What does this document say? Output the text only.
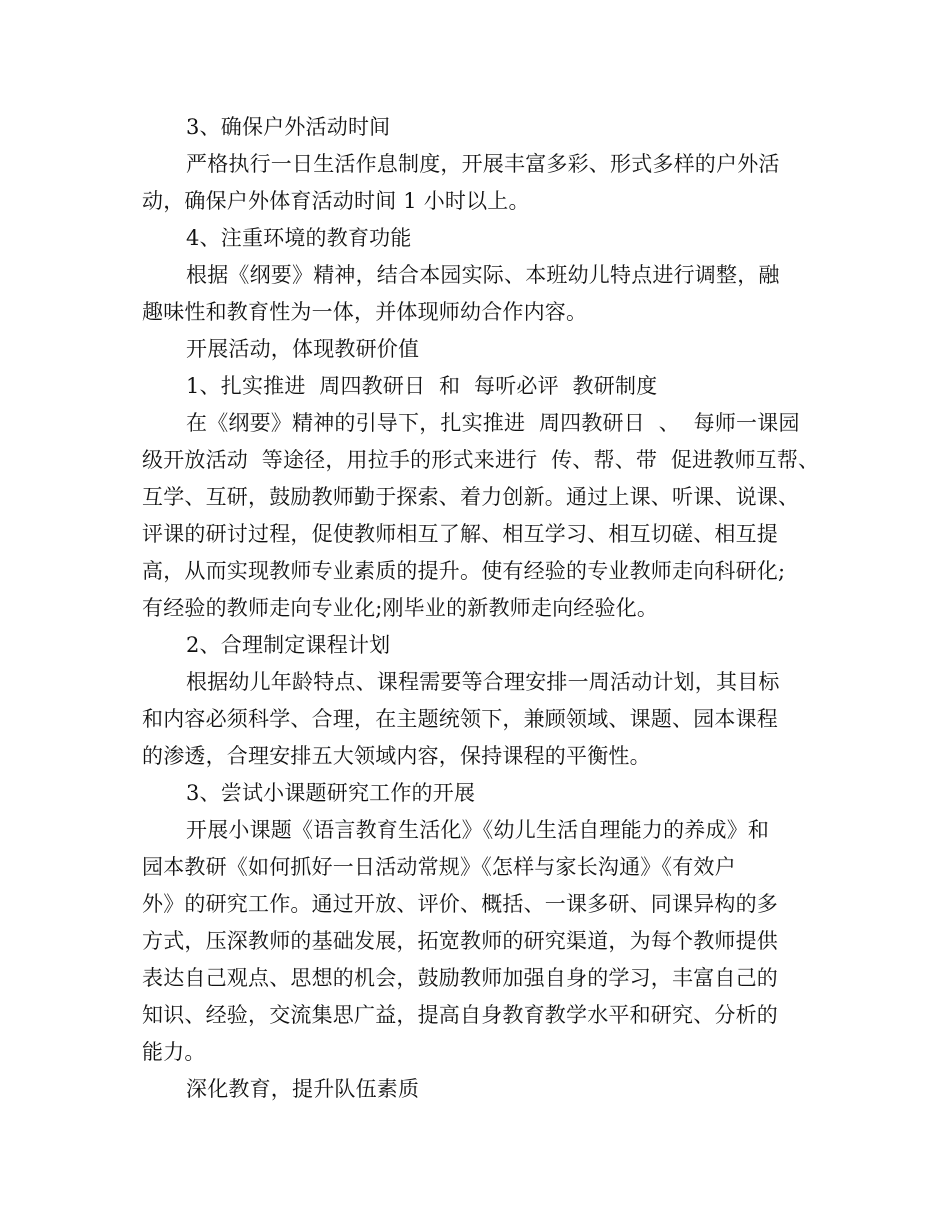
3、确保户外活动时间
严格执行一日生活作息制度，开展丰富多彩、形式多样的户外活
动，确保户外体育活动时间 1 小时以上。
4、注重环境的教育功能
根据《纲要》精神，结合本园实际、本班幼儿特点进行调整，融
趣味性和教育性为一体，并体现师幼合作内容。
开展活动，体现教研价值
1、扎实推进  周四教研日  和  每听必评  教研制度
在《纲要》精神的引导下，扎实推进  周四教研日  、  每师一课园
级开放活动  等途径，用拉手的形式来进行  传、帮、带  促进教师互帮、
互学、互研，鼓励教师勤于探索、着力创新。通过上课、听课、说课、
评课的研讨过程，促使教师相互了解、相互学习、相互切磋、相互提
高，从而实现教师专业素质的提升。使有经验的专业教师走向科研化;
有经验的教师走向专业化;刚毕业的新教师走向经验化。
2、合理制定课程计划
根据幼儿年龄特点、课程需要等合理安排一周活动计划，其目标
和内容必须科学、合理，在主题统领下，兼顾领域、课题、园本课程
的渗透，合理安排五大领域内容，保持课程的平衡性。
3、尝试小课题研究工作的开展
开展小课题《语言教育生活化》《幼儿生活自理能力的养成》和
园本教研《如何抓好一日活动常规》《怎样与家长沟通》《有效户
外》的研究工作。通过开放、评价、概括、一课多研、同课异构的多
方式，压深教师的基础发展，拓宽教师的研究渠道，为每个教师提供
表达自己观点、思想的机会，鼓励教师加强自身的学习，丰富自己的
知识、经验，交流集思广益，提高自身教育教学水平和研究、分析的
能力。
深化教育，提升队伍素质
